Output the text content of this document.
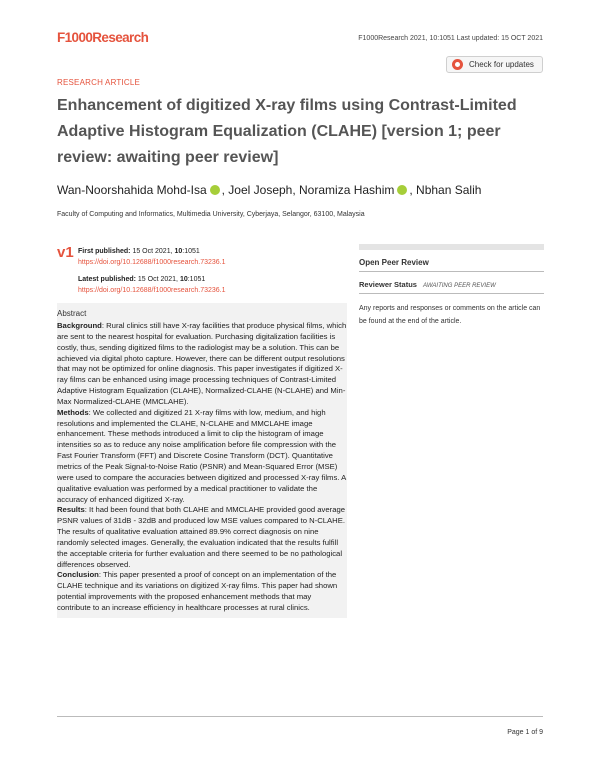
F1000Research	F1000Research 2021, 10:1051 Last updated: 15 OCT 2021
RESEARCH ARTICLE
Check for updates
Enhancement of digitized X-ray films using Contrast-Limited Adaptive Histogram Equalization (CLAHE) [version 1; peer review: awaiting peer review]
Wan-Noorshahida Mohd-Isa , Joel Joseph, Noramiza Hashim , Nbhan Salih
Faculty of Computing and Informatics, Multimedia University, Cyberjaya, Selangor, 63100, Malaysia
v1 First published: 15 Oct 2021, 10:1051
https://doi.org/10.12688/f1000research.73236.1
Latest published: 15 Oct 2021, 10:1051
https://doi.org/10.12688/f1000research.73236.1
Open Peer Review
Reviewer Status AWAITING PEER REVIEW
Any reports and responses or comments on the article can be found at the end of the article.
Abstract

Background: Rural clinics still have X-ray facilities that produce physical films, which are sent to the nearest hospital for evaluation. Purchasing digitalization facilities is costly, thus, sending digitized films to the radiologist may be a solution. This can be achieved via digital photo capture. However, there can be different output resolutions that may not be optimized for online diagnosis. This paper investigates if digitized X-ray films can be enhanced using image processing techniques of Contrast-Limited Adaptive Histogram Equalization (CLAHE), Normalized-CLAHE (N-CLAHE) and Min-Max Normalized-CLAHE (MMCLAHE).

Methods: We collected and digitized 21 X-ray films with low, medium, and high resolutions and implemented the CLAHE, N-CLAHE and MMCLAHE image enhancement. These methods introduced a limit to clip the histogram of image intensities so as to reduce any noise amplification before file compression with the Fast Fourier Transform (FFT) and Discrete Cosine Transform (DCT). Quantitative metrics of the Peak Signal-to-Noise Ratio (PSNR) and Mean-Squared Error (MSE) were used to compare the accuracies between digitized and processed X-ray films. A qualitative evaluation was performed by a medical practitioner to validate the accuracy of enhanced digitized X-ray.

Results: It had been found that both CLAHE and MMCLAHE provided good average PSNR values of 31dB - 32dB and produced low MSE values compared to N-CLAHE. The results of qualitative evaluation attained 89.9% correct diagnosis on nine randomly selected images. Generally, the evaluation indicated that the results fulfill the acceptable criteria for further evaluation and there seemed to be no pathological differences observed.

Conclusion: This paper presented a proof of concept on an implementation of the CLAHE technique and its variations on digitized X-ray films. This paper had shown potential improvements with the proposed enhancement methods that may contribute to an increase efficiency in healthcare processes at rural clinics.

Page 1 of 9
